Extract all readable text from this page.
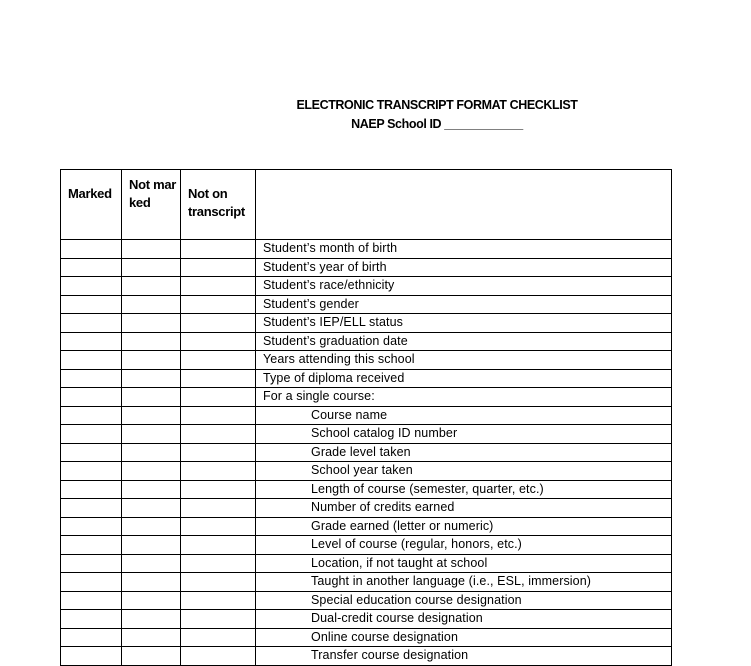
ELECTRONIC TRANSCRIPT FORMAT CHECKLIST
NAEP School ID ____________
Marked	Not marked	Not on transcript	

			Student’s month of birth
			Student’s year of birth
			Student’s race/ethnicity
			Student’s gender
			Student’s IEP/ELL status
			Student’s graduation date
			Years attending this school
			Type of diploma received
			For a single course:
			Course name
			School catalog ID number
			Grade level taken
			School year taken
			Length of course (semester, quarter, etc.)
			Number of credits earned
			Grade earned (letter or numeric)
			Level of course (regular, honors, etc.)
			Location, if not taught at school
			Taught in another language (i.e., ESL, immersion)
			Special education course designation
			Dual-credit course designation
			Online course designation
			Transfer course designation
